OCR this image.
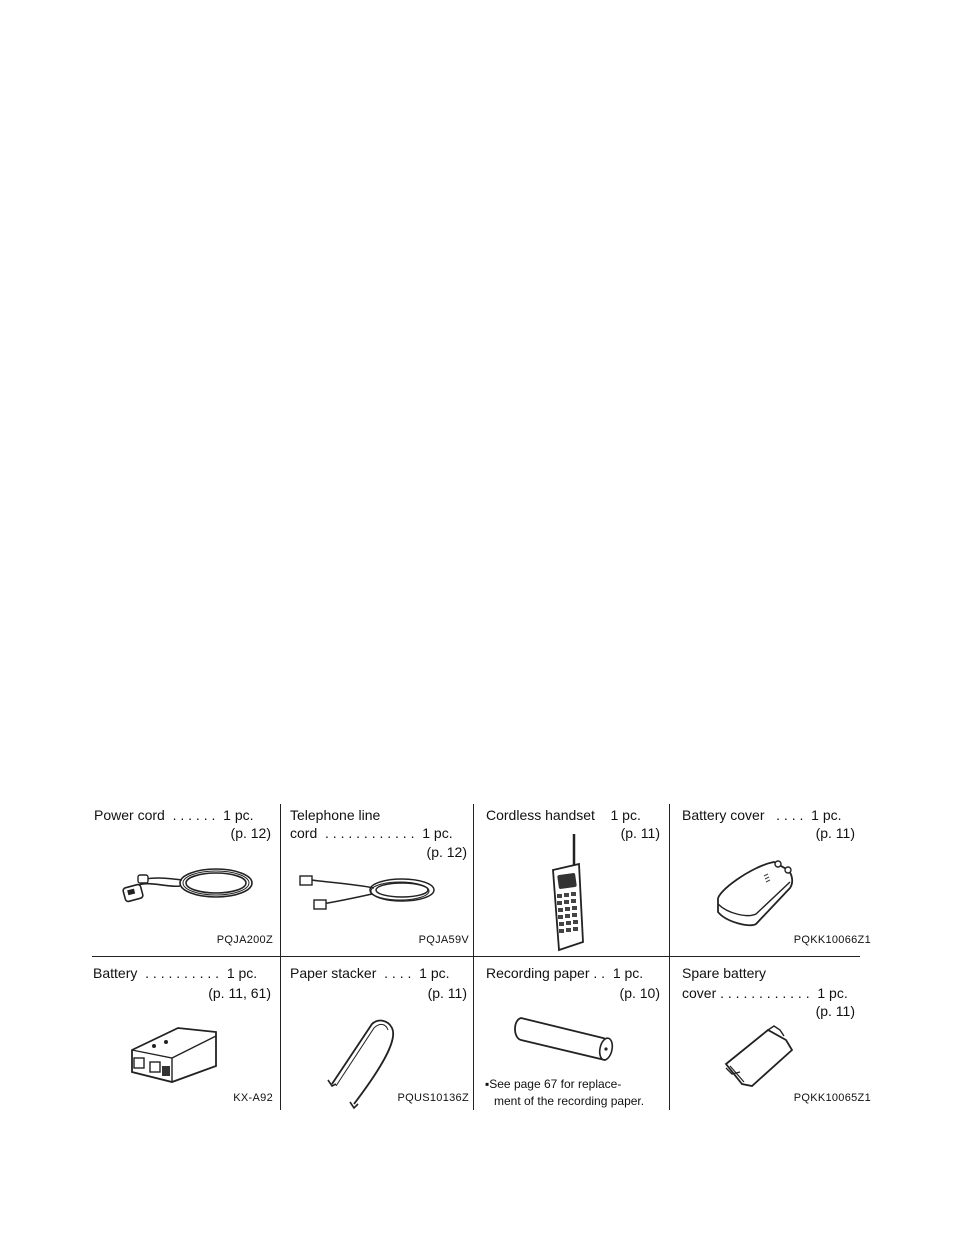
Power cord  . . . . . .  1 pc.
(p. 12)
PQJA200Z
Telephone line
cord  . . . . . . . . . . . .  1 pc.
(p. 12)
PQJA59V
Cordless handset    1 pc.
(p. 11)
Battery cover   . . . .  1 pc.
(p. 11)
PQKK10066Z1
Battery  . . . . . . . . . .  1 pc.
(p. 11, 61)
KX-A92
Paper stacker  . . . .  1 pc.
(p. 11)
PQUS10136Z
Recording paper . .  1 pc.
(p. 10)
▪See page 67 for replace-
ment of the recording paper.
Spare battery
cover . . . . . . . . . . . .  1 pc.
(p. 11)
PQKK10065Z1
